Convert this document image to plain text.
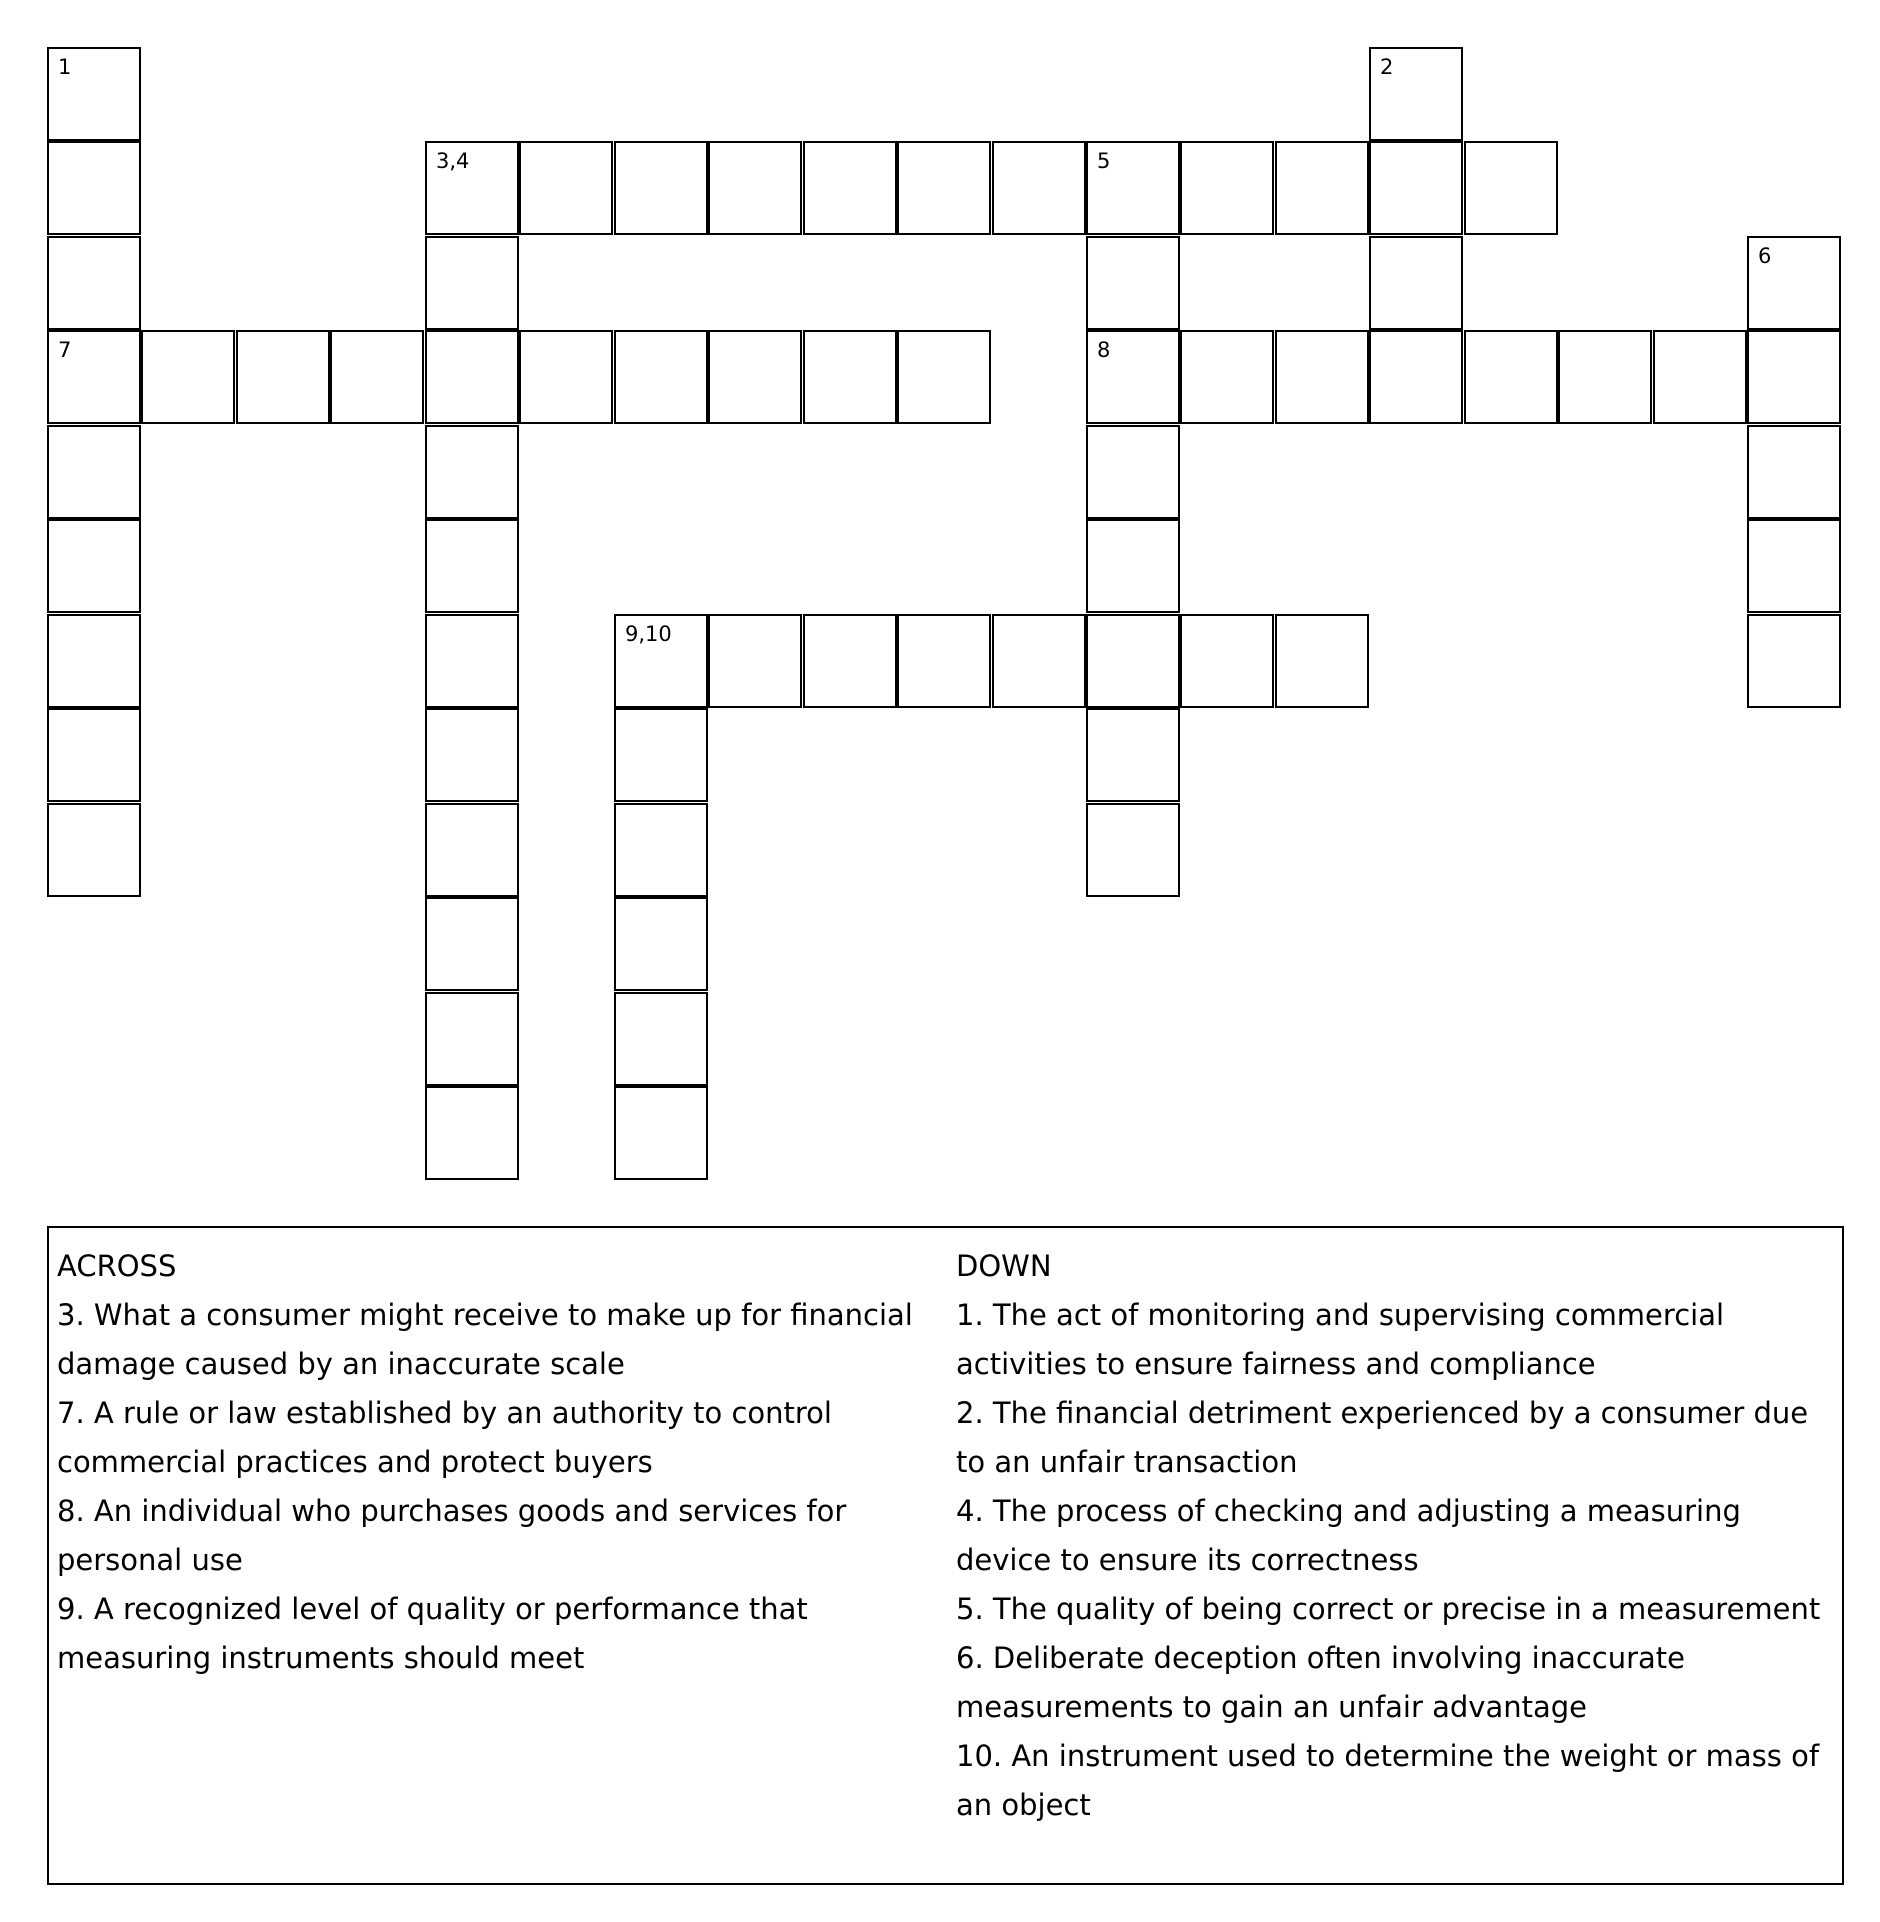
1
7
2
3,4	5
8
6
9,10
ACROSS
3. What a consumer might receive to make up for financial damage caused by an inaccurate scale
7. A rule or law established by an authority to control commercial practices and protect buyers
8. An individual who purchases goods and services for personal use
9. A recognized level of quality or performance that measuring instruments should meet
DOWN
1. The act of monitoring and supervising commercial activities to ensure fairness and compliance
2. The financial detriment experienced by a consumer due to an unfair transaction
4. The process of checking and adjusting a measuring device to ensure its correctness
5. The quality of being correct or precise in a measurement
6. Deliberate deception often involving inaccurate measurements to gain an unfair advantage
10. An instrument used to determine the weight or mass of an object
